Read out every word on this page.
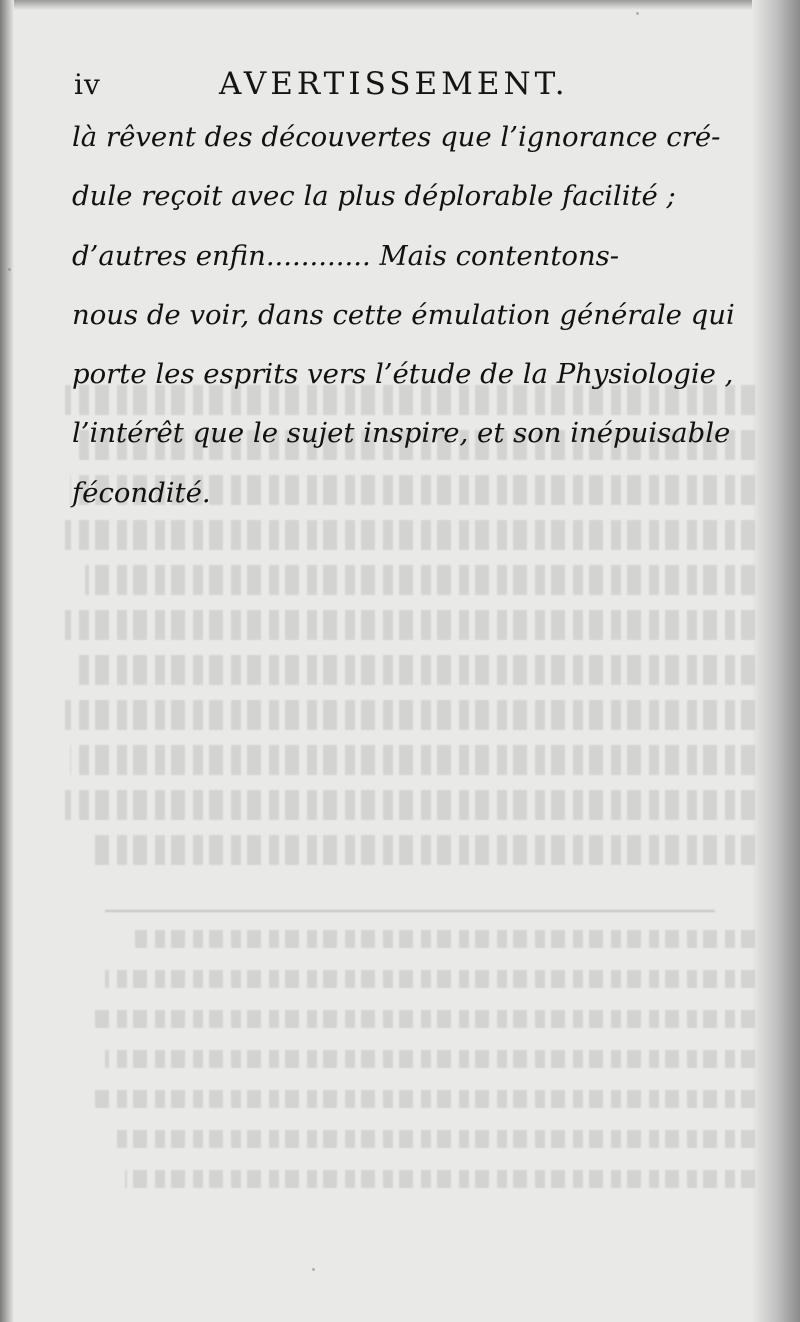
iv	AVERTISSEMENT.
là rêvent des découvertes que l’ignorance cré-
dule reçoit avec la plus déplorable facilité ;
d’autres enfin............ Mais contentons-
nous de voir, dans cette émulation générale qui
porte les esprits vers l’étude de la Physiologie ,
l’intérêt que le sujet inspire, et son inépuisable
fécondité.
